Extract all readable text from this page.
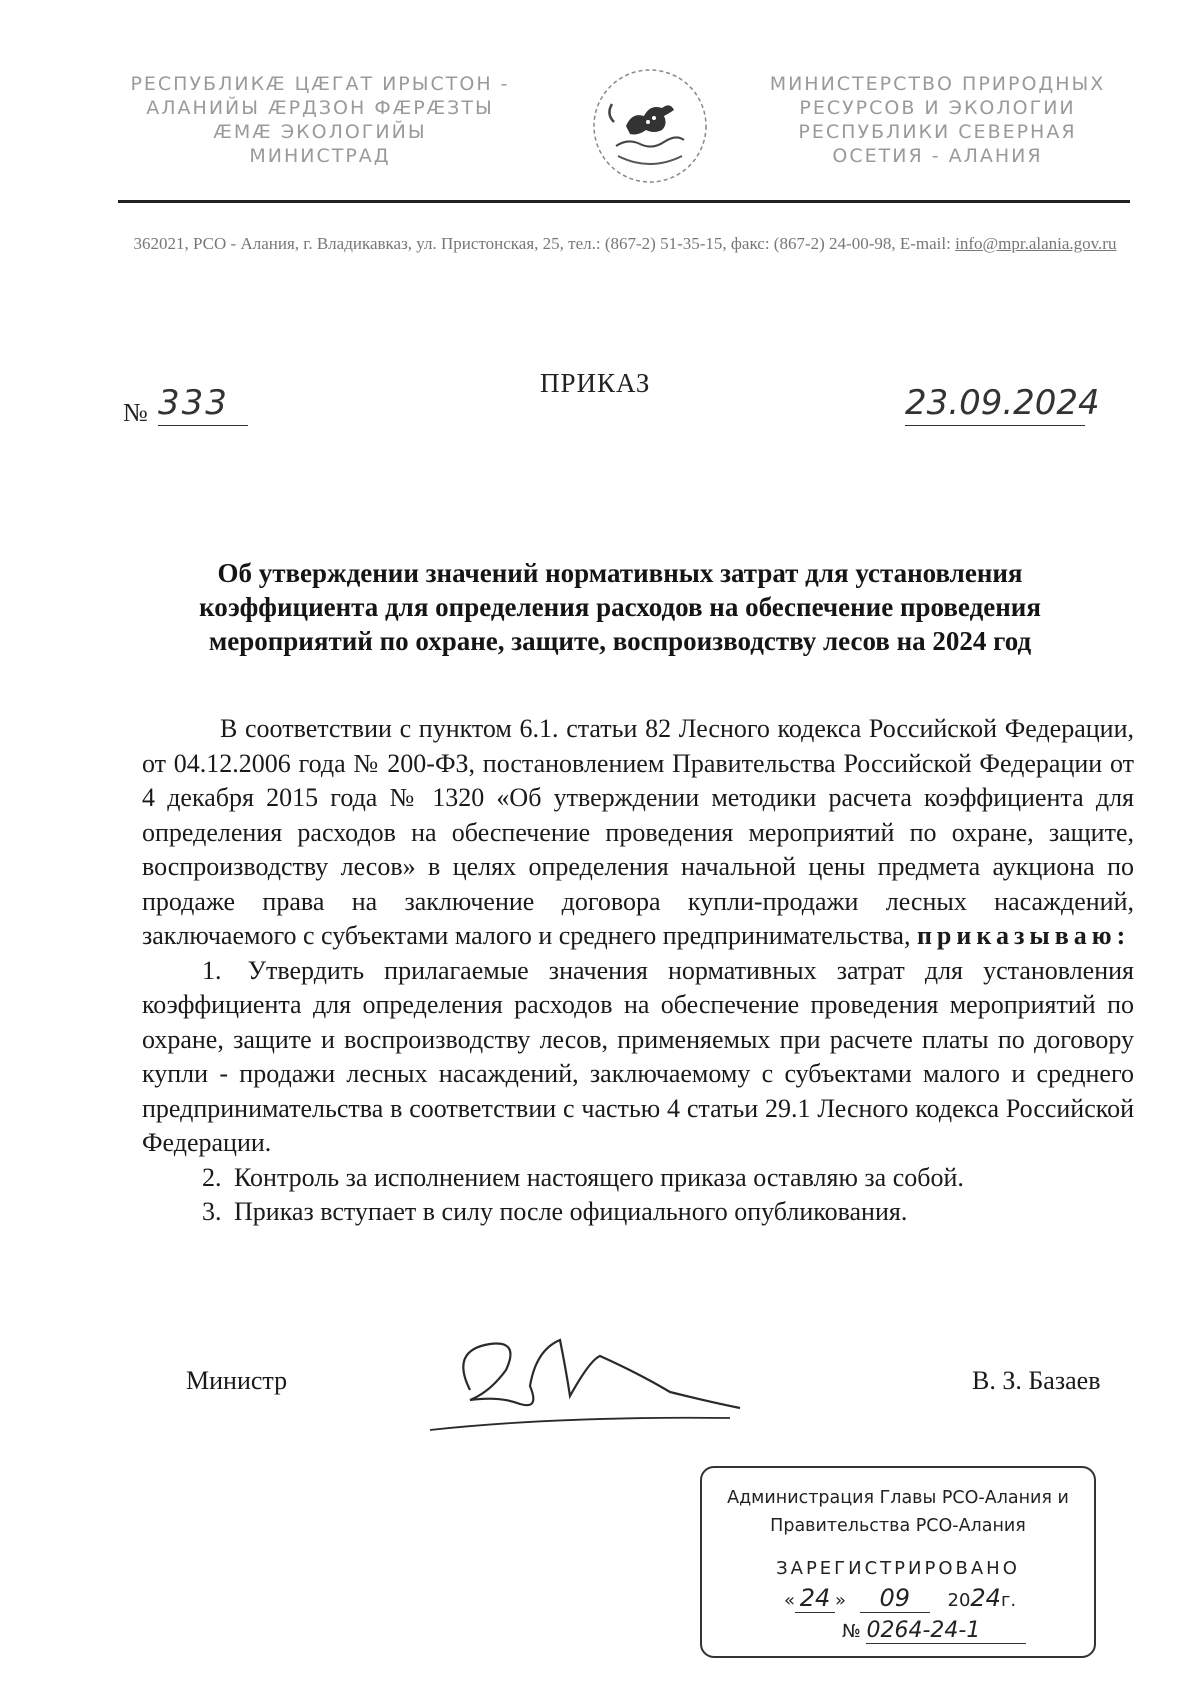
РЕСПУБЛИКÆ ЦÆГАТ ИРЫСТОН -
АЛАНИЙЫ ÆРДЗОН ФÆРÆЗТЫ
ÆМÆ ЭКОЛОГИЙЫ
МИНИСТРАД
МИНИСТЕРСТВО ПРИРОДНЫХ
РЕСУРСОВ И ЭКОЛОГИИ
РЕСПУБЛИКИ СЕВЕРНАЯ
ОСЕТИЯ - АЛАНИЯ
362021, РСО - Алания, г. Владикавказ, ул. Пристонская, 25, тел.: (867-2) 51-35-15, факс: (867-2) 24-00-98, E-mail: info@mpr.alania.gov.ru
ПРИКАЗ
№ 333	23.09.2024
Об утверждении значений нормативных затрат для установления
коэффициента для определения расходов на обеспечение проведения
мероприятий по охране, защите, воспроизводству лесов на 2024 год

В соответствии с пунктом 6.1. статьи 82 Лесного кодекса Российской Федерации, от 04.12.2006 года № 200-ФЗ, постановлением Правительства Российской Федерации от 4 декабря 2015 года № 1320 «Об утверждении методики расчета коэффициента для определения расходов на обеспечение проведения мероприятий по охране, защите, воспроизводству лесов» в целях определения начальной цены предмета аукциона по продаже права на заключение договора купли-продажи лесных насаждений, заключаемого с субъектами малого и среднего предпринимательства, приказываю:

1. Утвердить прилагаемые значения нормативных затрат для установления коэффициента для определения расходов на обеспечение проведения мероприятий по охране, защите и воспроизводству лесов, применяемых при расчете платы по договору купли - продажи лесных насаждений, заключаемому с субъектами малого и среднего предпринимательства в соответствии с частью 4 статьи 29.1 Лесного кодекса Российской Федерации.

2. Контроль за исполнением настоящего приказа оставляю за собой.

3. Приказ вступает в силу после официального опубликования.

Министр	В. З. Базаев
Администрация Главы РСО-Алания и
Правительства РСО-Алания
ЗАРЕГИСТРИРОВАНО
« 24 » 09 2024г.
№ 0264-24-1
